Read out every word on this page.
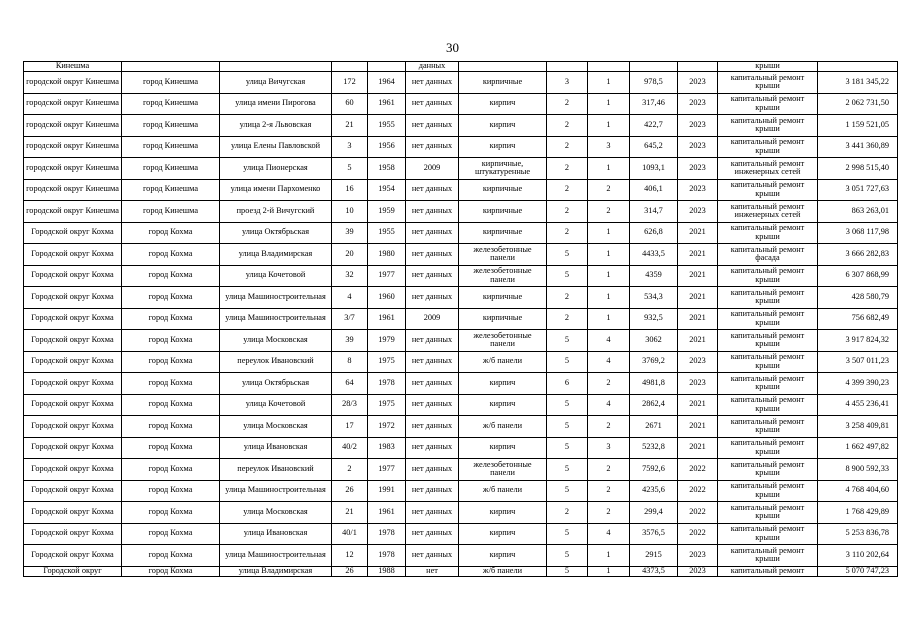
30
Кинешма					данных						крыши	
городской округ Кинешма	город Кинешма	улица Вичугская	172	1964	нет данных	кирпичные	3	1	978,5	2023	капитальный ремонт крыши	3 181 345,22
городской округ Кинешма	город Кинешма	улица имени Пирогова	60	1961	нет данных	кирпич	2	1	317,46	2023	капитальный ремонт крыши	2 062 731,50
городской округ Кинешма	город Кинешма	улица 2-я Львовская	21	1955	нет данных	кирпич	2	1	422,7	2023	капитальный ремонт крыши	1 159 521,05
городской округ Кинешма	город Кинешма	улица Елены Павловской	3	1956	нет данных	кирпич	2	3	645,2	2023	капитальный ремонт крыши	3 441 360,89
городской округ Кинешма	город Кинешма	улица Пионерская	5	1958	2009	кирпичные, штукатуренные	2	1	1093,1	2023	капитальный ремонт инженерных сетей	2 998 515,40
городской округ Кинешма	город Кинешма	улица имени Пархоменко	16	1954	нет данных	кирпичные	2	2	406,1	2023	капитальный ремонт крыши	3 051 727,63
городской округ Кинешма	город Кинешма	проезд 2-й Вичугский	10	1959	нет данных	кирпичные	2	2	314,7	2023	капитальный ремонт инженерных сетей	863 263,01
Городской округ Кохма	город Кохма	улица Октябрьская	39	1955	нет данных	кирпичные	2	1	626,8	2021	капитальный ремонт крыши	3 068 117,98
Городской округ Кохма	город Кохма	улица Владимирская	20	1980	нет данных	железобетонные панели	5	1	4433,5	2021	капитальный ремонт фасада	3 666 282,83
Городской округ Кохма	город Кохма	улица Кочетовой	32	1977	нет данных	железобетонные панели	5	1	4359	2021	капитальный ремонт крыши	6 307 868,99
Городской округ Кохма	город Кохма	улица Машиностроительная	4	1960	нет данных	кирпичные	2	1	534,3	2021	капитальный ремонт крыши	428 580,79
Городской округ Кохма	город Кохма	улица Машиностроительная	3/7	1961	2009	кирпичные	2	1	932,5	2021	капитальный ремонт крыши	756 682,49
Городской округ Кохма	город Кохма	улица Московская	39	1979	нет данных	железобетонные панели	5	4	3062	2021	капитальный ремонт крыши	3 917 824,32
Городской округ Кохма	город Кохма	переулок Ивановский	8	1975	нет данных	ж/б панели	5	4	3769,2	2023	капитальный ремонт крыши	3 507 011,23
Городской округ Кохма	город Кохма	улица Октябрьская	64	1978	нет данных	кирпич	6	2	4981,8	2023	капитальный ремонт крыши	4 399 390,23
Городской округ Кохма	город Кохма	улица Кочетовой	28/3	1975	нет данных	кирпич	5	4	2862,4	2021	капитальный ремонт крыши	4 455 236,41
Городской округ Кохма	город Кохма	улица Московская	17	1972	нет данных	ж/б панели	5	2	2671	2021	капитальный ремонт крыши	3 258 409,81
Городской округ Кохма	город Кохма	улица Ивановская	40/2	1983	нет данных	кирпич	5	3	5232,8	2021	капитальный ремонт крыши	1 662 497,82
Городской округ Кохма	город Кохма	переулок Ивановский	2	1977	нет данных	железобетонные панели	5	2	7592,6	2022	капитальный ремонт крыши	8 900 592,33
Городской округ Кохма	город Кохма	улица Машиностроительная	26	1991	нет данных	ж/б панели	5	2	4235,6	2022	капитальный ремонт крыши	4 768 404,60
Городской округ Кохма	город Кохма	улица Московская	21	1961	нет данных	кирпич	2	2	299,4	2022	капитальный ремонт крыши	1 768 429,89
Городской округ Кохма	город Кохма	улица Ивановская	40/1	1978	нет данных	кирпич	5	4	3576,5	2022	капитальный ремонт крыши	5 253 836,78
Городской округ Кохма	город Кохма	улица Машиностроительная	12	1978	нет данных	кирпич	5	1	2915	2023	капитальный ремонт крыши	3 110 202,64
Городской округ	город Кохма	улица Владимирская	26	1988	нет	ж/б панели	5	1	4373,5	2023	капитальный ремонт	5 070 747,23
